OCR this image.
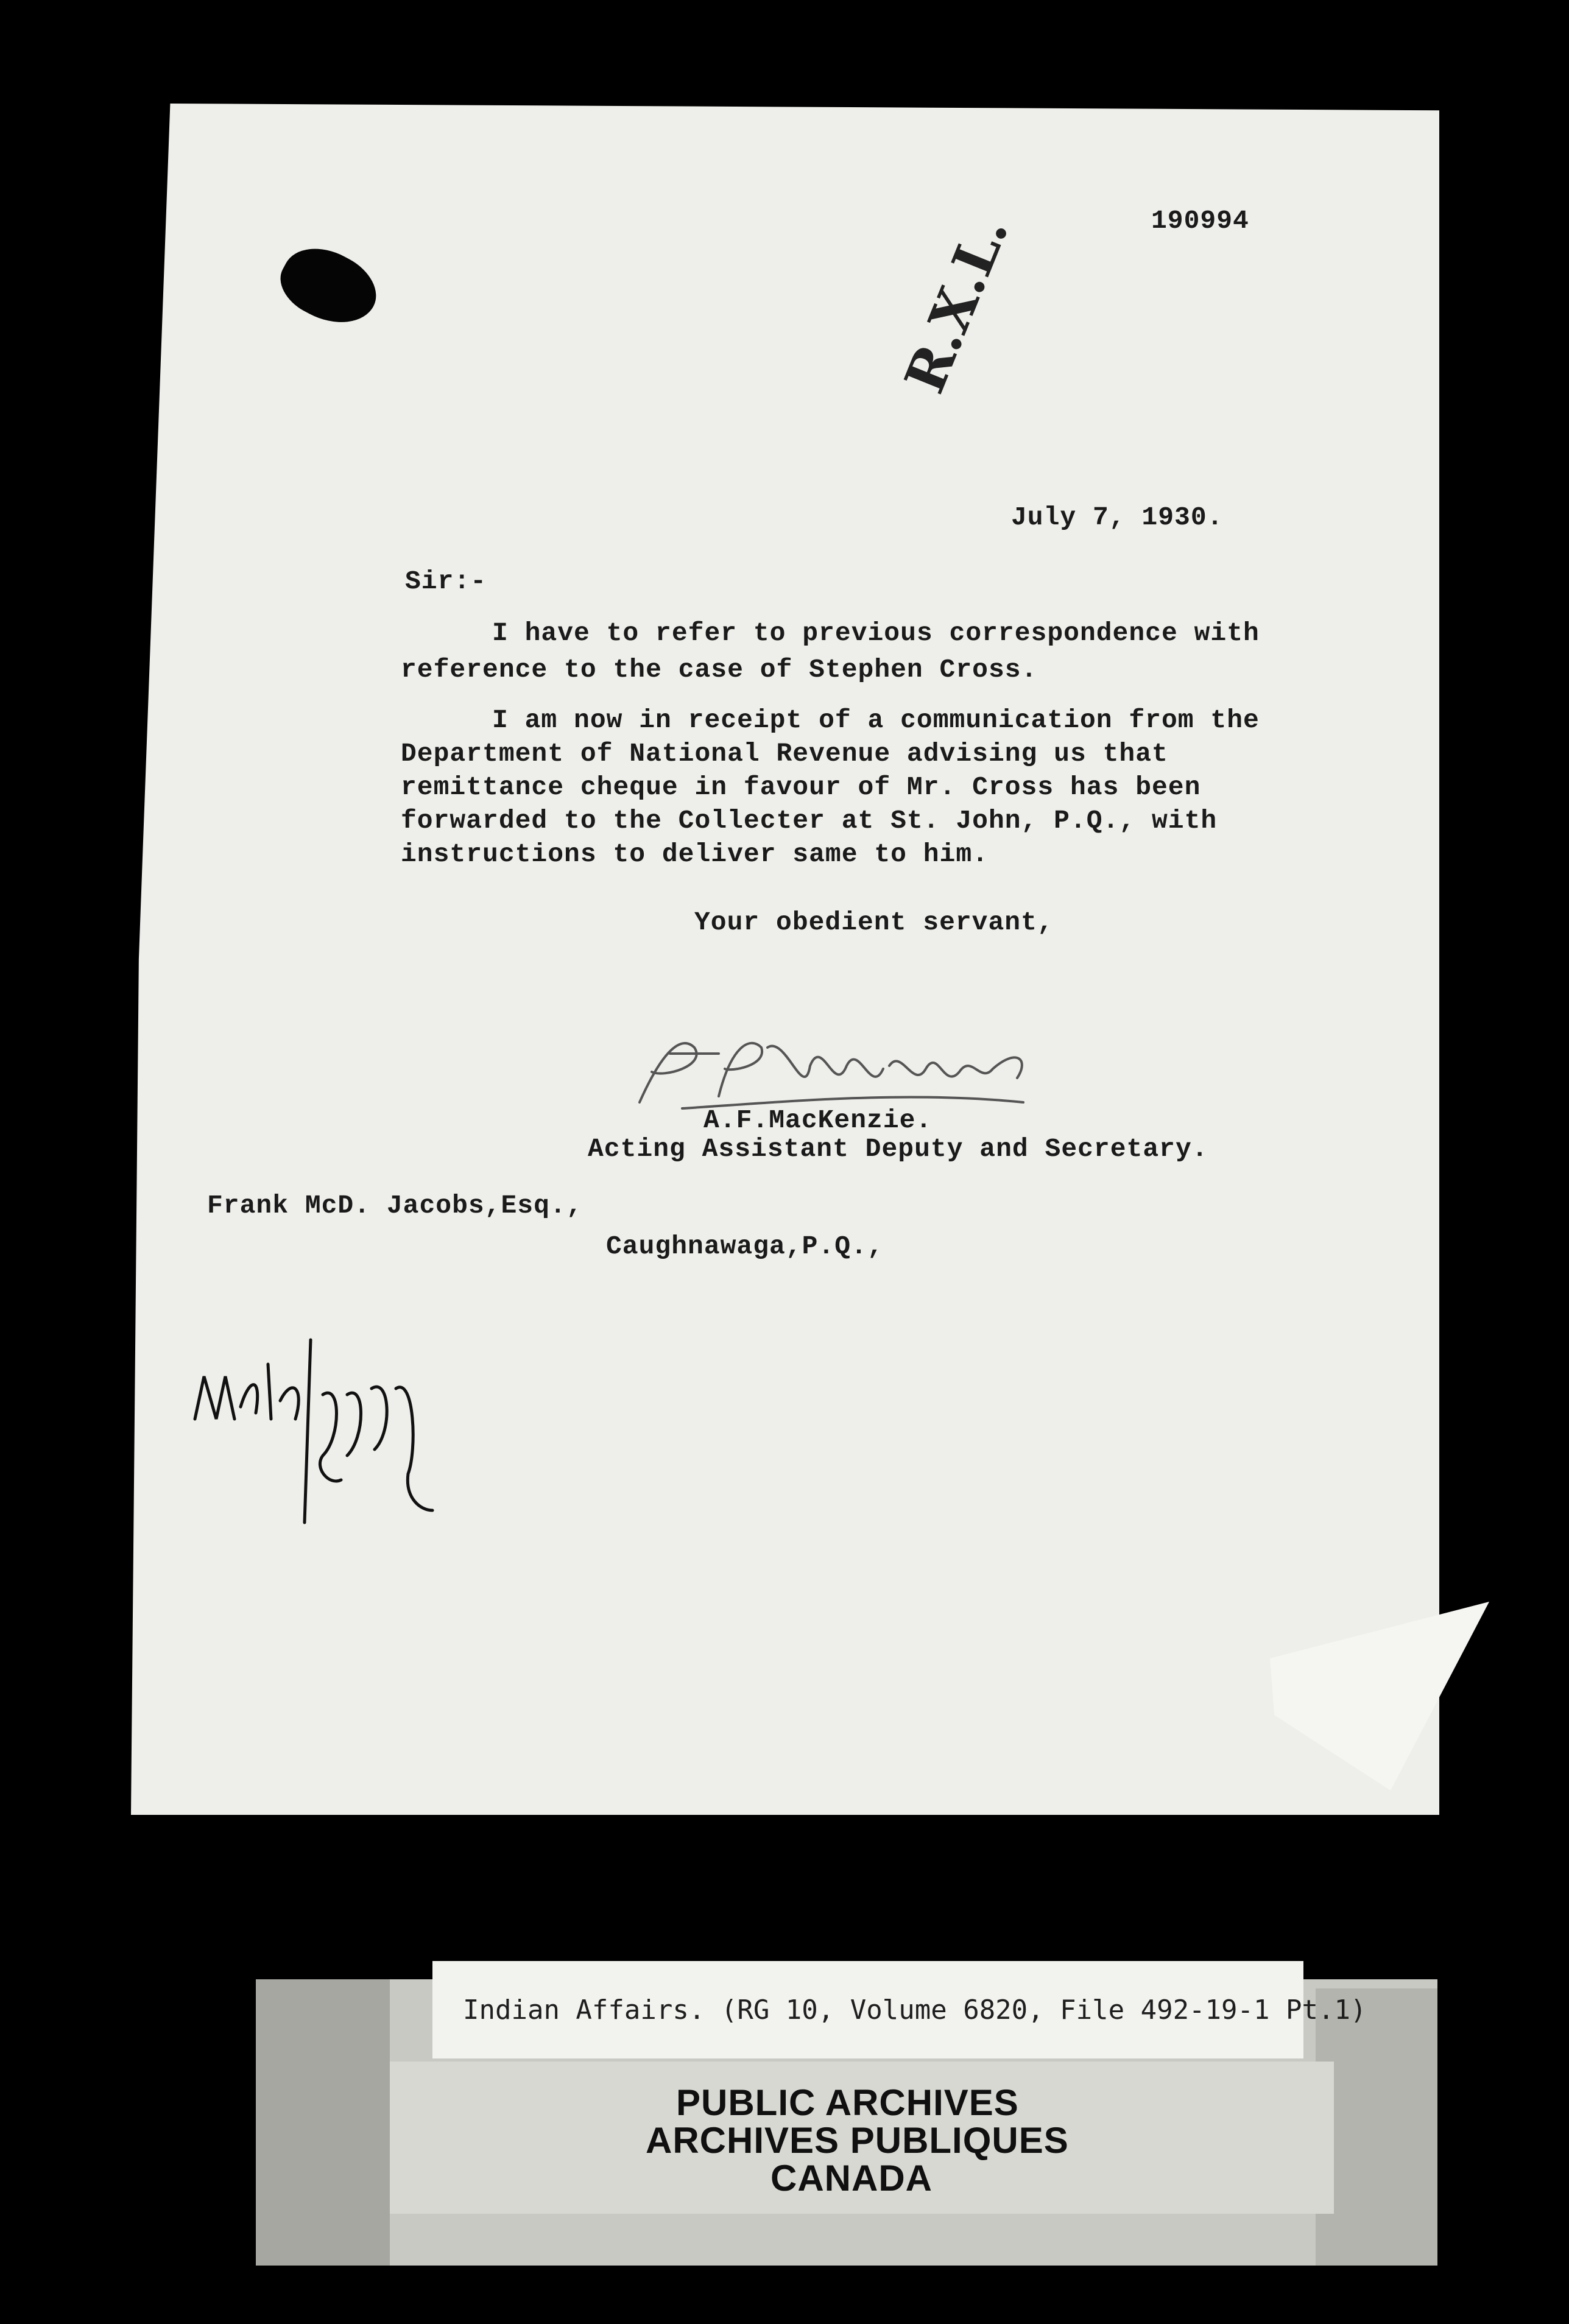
190994
R.X.L.
July 7, 1930.
Sir:-
I have to refer to previous correspondence with
reference to the case of Stephen Cross.
I am now in receipt of a communication from the
Department of National Revenue advising us that
remittance cheque in favour of Mr. Cross has been
forwarded to the Collecter at St. John, P.Q., with
instructions to deliver same to him.
Your obedient servant,
A.F.MacKenzie.
Acting Assistant Deputy and Secretary.
Frank McD. Jacobs,Esq.,
Caughnawaga,P.Q.,
Indian Affairs. (RG 10, Volume 6820, File 492-19-1 Pt.1)
PUBLIC ARCHIVES
ARCHIVES PUBLIQUES
CANADA
